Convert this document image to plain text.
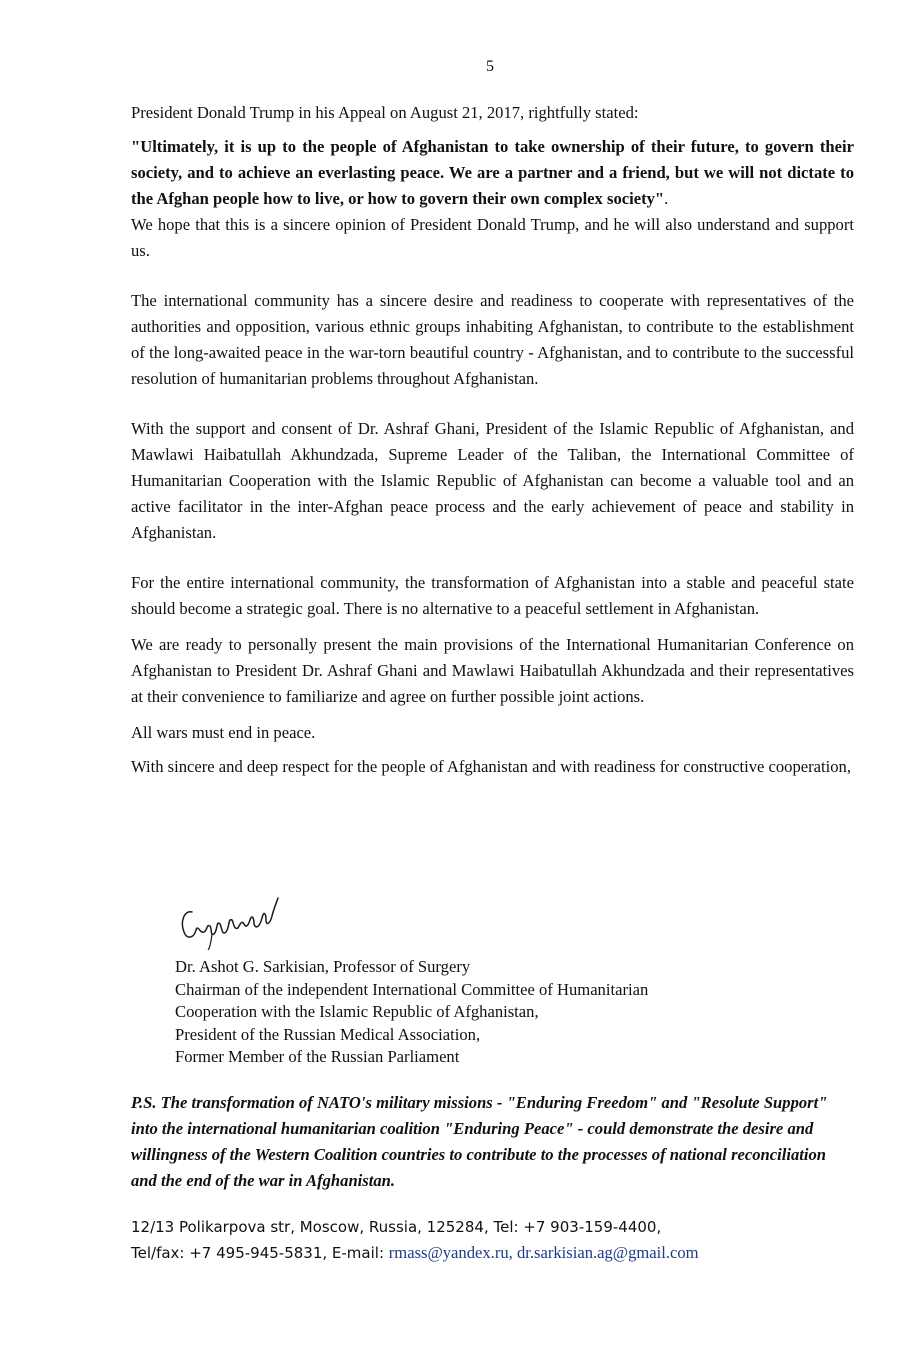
5

President Donald Trump in his Appeal on August 21, 2017, rightfully stated:

"Ultimately, it is up to the people of Afghanistan to take ownership of their future, to govern their society, and to achieve an everlasting peace. We are a partner and a friend, but we will not dictate to the Afghan people how to live, or how to govern their own complex society".

We hope that this is a sincere opinion of President Donald Trump, and he will also understand and support us.

The international community has a sincere desire and readiness to cooperate with representatives of the authorities and opposition, various ethnic groups inhabiting Afghanistan, to contribute to the establishment of the long-awaited peace in the war-torn beautiful country - Afghanistan, and to contribute to the successful resolution of humanitarian problems throughout Afghanistan.

With the support and consent of Dr. Ashraf Ghani, President of the Islamic Republic of Afghanistan, and Mawlawi Haibatullah Akhundzada, Supreme Leader of the Taliban, the International Committee of Humanitarian Cooperation with the Islamic Republic of Afghanistan can become a valuable tool and an active facilitator in the inter-Afghan peace process and the early achievement of peace and stability in Afghanistan.

For the entire international community, the transformation of Afghanistan into a stable and peaceful state should become a strategic goal. There is no alternative to a peaceful settlement in Afghanistan.

We are ready to personally present the main provisions of the International Humanitarian Conference on Afghanistan to President Dr. Ashraf Ghani and Mawlawi Haibatullah Akhundzada and their representatives at their convenience to familiarize and agree on further possible joint actions.

All wars must end in peace.

With sincere and deep respect for the people of Afghanistan and with readiness for constructive cooperation,

Dr. Ashot G. Sarkisian, Professor of Surgery
Chairman of the independent International Committee of Humanitarian
Cooperation with the Islamic Republic of Afghanistan,
President of the Russian Medical Association,
Former Member of the Russian Parliament

P.S. The transformation of NATO's military missions - "Enduring Freedom" and "Resolute Support" into the international humanitarian coalition "Enduring Peace" - could demonstrate the desire and willingness of the Western Coalition countries to contribute to the processes of national reconciliation and the end of the war in Afghanistan.

12/13 Polikarpova str, Moscow, Russia, 125284, Tel: +7 903-159-4400,
Tel/fax: +7 495-945-5831, E-mail: rmass@yandex.ru, dr.sarkisian.ag@gmail.com
